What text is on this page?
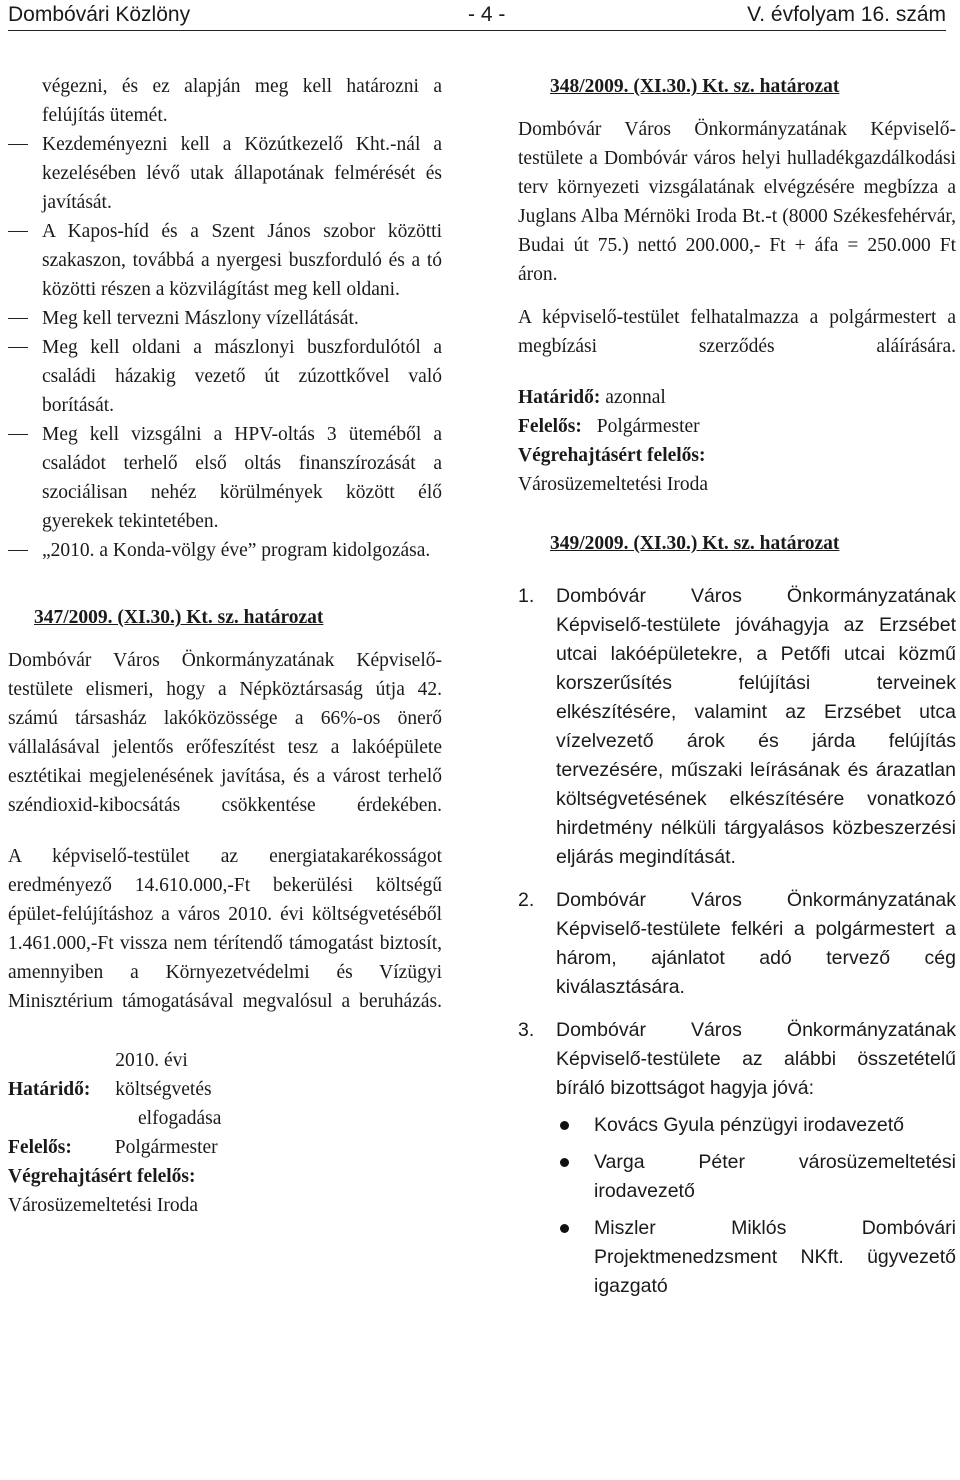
Dombóvári Közlöny	- 4 -	V. évfolyam 16. szám
végezni, és ez alapján meg kell határozni a felújítás ütemét.
Kezdeményezni kell a Közútkezelő Kht.-nál a kezelésében lévő utak állapotának felmérését és javítását.
A Kapos-híd és a Szent János szobor közötti szakaszon, továbbá a nyergesi buszforduló és a tó közötti részen a közvilágítást meg kell oldani.
Meg kell tervezni Mászlony vízellátását.
Meg kell oldani a mászlonyi buszfordulótól a családi házakig vezető út zúzottkővel való borítását.
Meg kell vizsgálni a HPV-oltás 3 üteméből a családot terhelő első oltás finanszírozását a szociálisan nehéz körülmények között élő gyerekek tekintetében.
„2010. a Konda-völgy éve” program kidolgozása.
347/2009. (XI.30.) Kt. sz. határozat

Dombóvár Város Önkormányzatának Képviselő-testülete elismeri, hogy a Népköztársaság útja 42. számú társasház lakóközössége a 66%-os önerő vállalásával jelentős erőfeszítést tesz a lakóépülete esztétikai megjelenésének javítása, és a várost terhelő széndioxid-kibocsátás csökkentése érdekében.

A képviselő-testület az energiatakarékosságot eredményező 14.610.000,-Ft bekerülési költségű épület-felújításhoz a város 2010. évi költségvetéséből 1.461.000,-Ft vissza nem térítendő támogatást biztosít, amennyiben a Környezetvédelmi és Vízügyi Minisztérium támogatásával megvalósul a beruházás.

Határidő: 2010. évi költségvetés
elfogadása
Felelős: Polgármester
Végrehajtásért felelős:
Városüzemeltetési Iroda
348/2009. (XI.30.) Kt. sz. határozat

Dombóvár Város Önkormányzatának Képviselő-testülete a Dombóvár város helyi hulladékgazdálkodási terv környezeti vizsgálatának elvégzésére megbízza a Juglans Alba Mérnöki Iroda Bt.-t (8000 Székesfehérvár, Budai út 75.) nettó 200.000,- Ft + áfa = 250.000 Ft áron.

A képviselő-testület felhatalmazza a polgármestert a megbízási szerződés aláírására.

Határidő: azonnal
Felelős: Polgármester
Végrehajtásért felelős:
Városüzemeltetési Iroda
349/2009. (XI.30.) Kt. sz. határozat
1. Dombóvár Város Önkormányzatának Képviselő-testülete jóváhagyja az Erzsébet utcai lakóépületekre, a Petőfi utcai közmű korszerűsítés felújítási terveinek elkészítésére, valamint az Erzsébet utca vízelvezető árok és járda felújítás tervezésére, műszaki leírásának és árazatlan költségvetésének elkészítésére vonatkozó hirdetmény nélküli tárgyalásos közbeszerzési eljárás megindítását.
2. Dombóvár Város Önkormányzatának Képviselő-testülete felkéri a polgármestert a három, ajánlatot adó tervező cég kiválasztására.
3. Dombóvár Város Önkormányzatának Képviselő-testülete az alábbi összetételű bíráló bizottságot hagyja jóvá:
Kovács Gyula pénzügyi irodavezető
Varga Péter városüzemeltetési irodavezető
Miszler Miklós Dombóvári Projektmenedzsment NKft. ügyvezető igazgató
